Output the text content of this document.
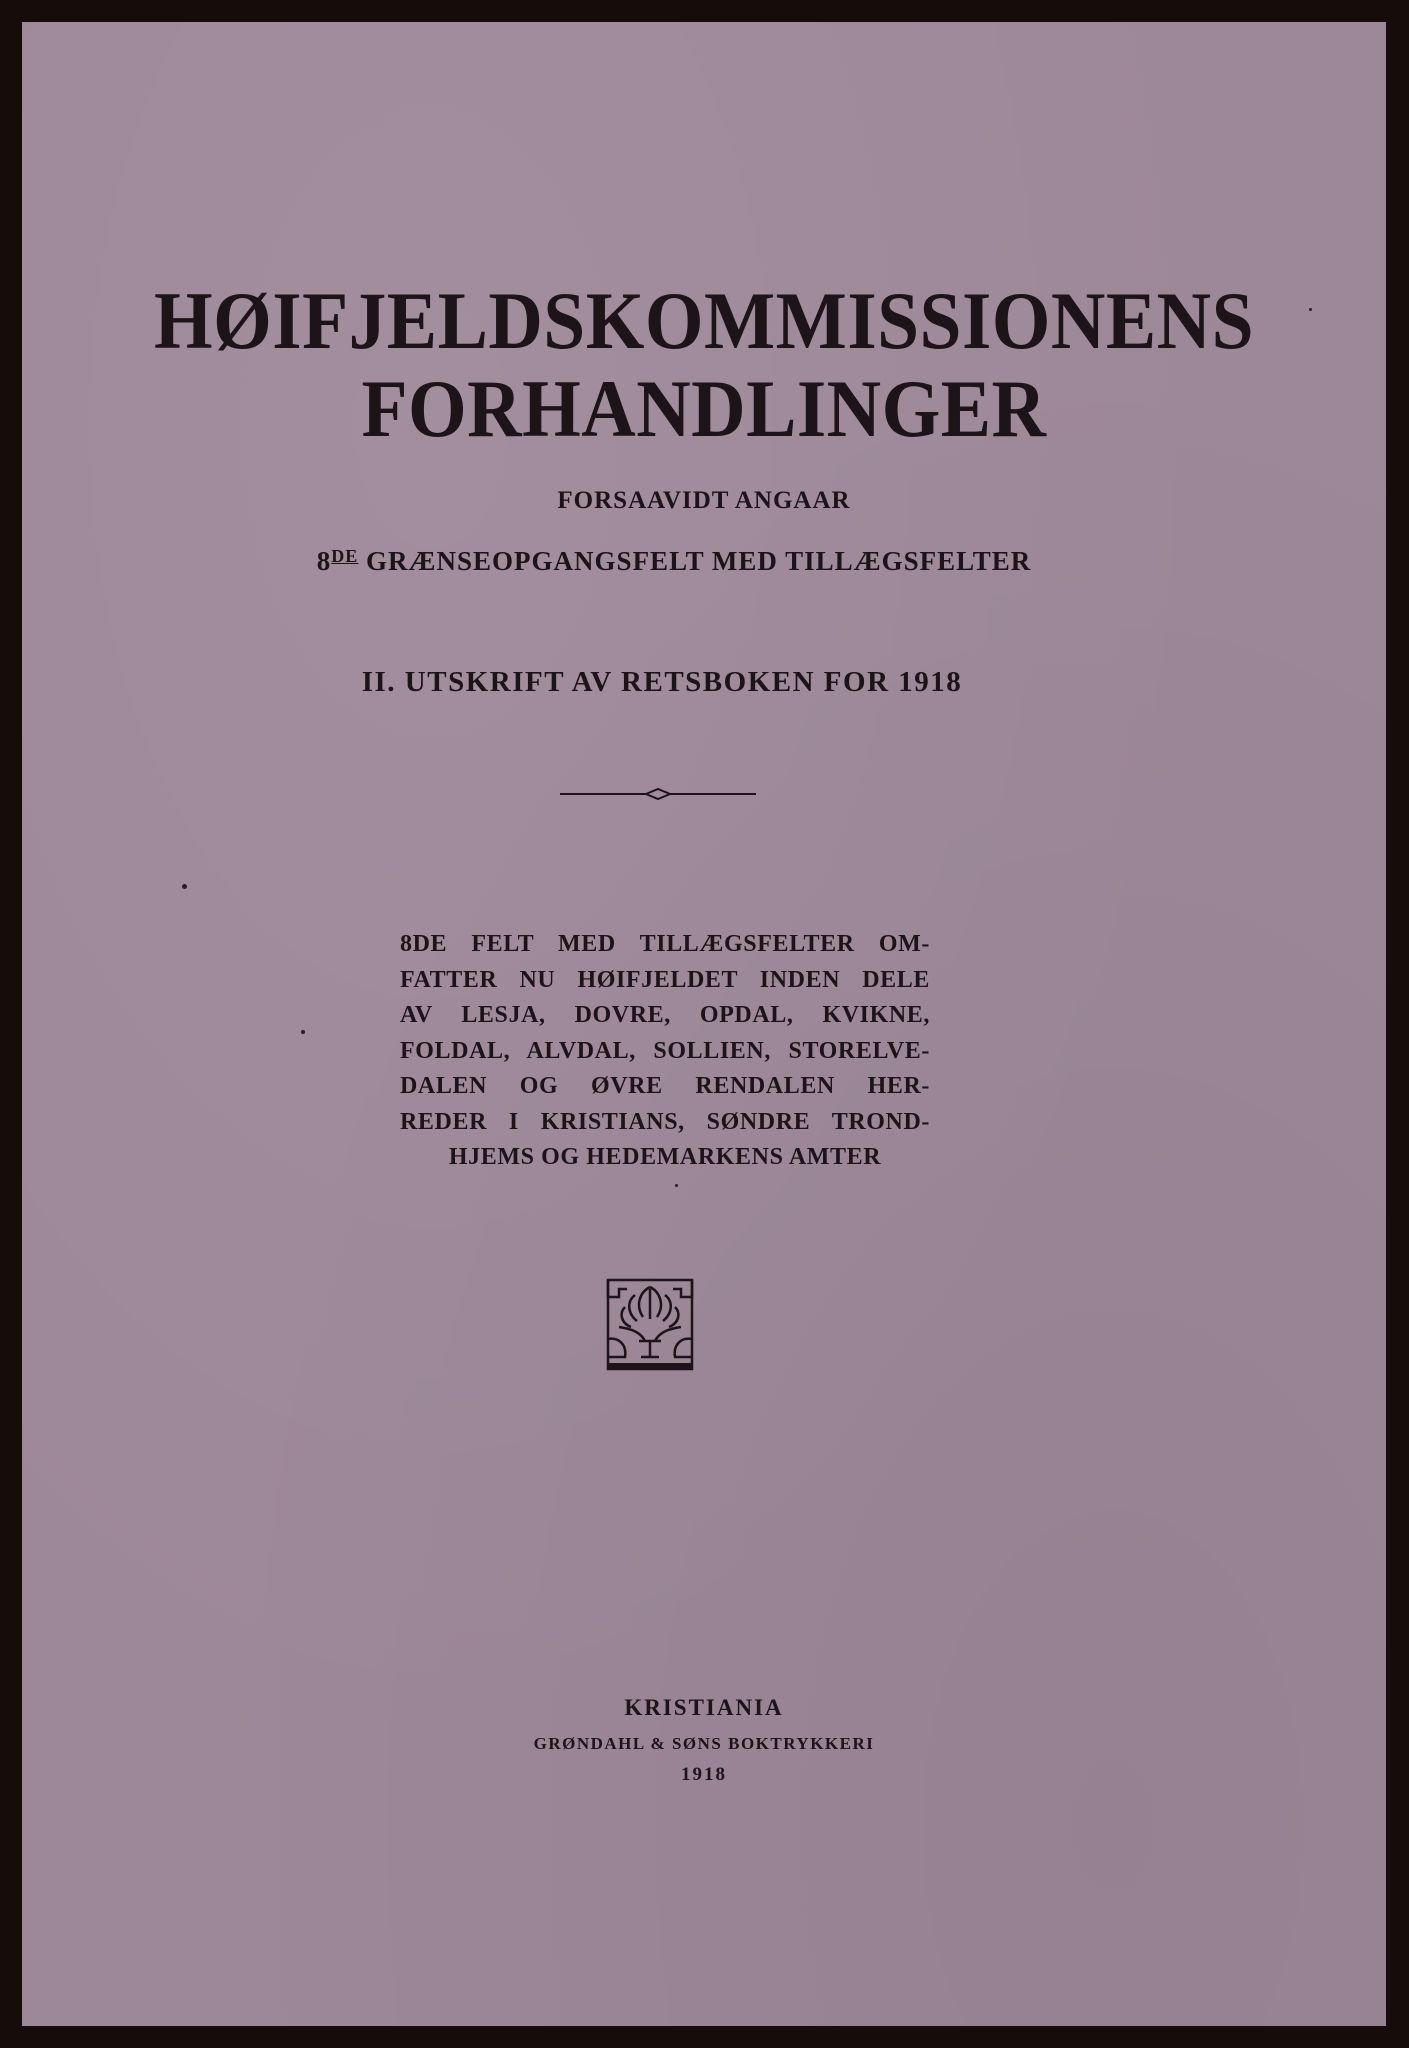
HØIFJELDSKOMMISSIONENS
FORHANDLINGER
FORSAAVIDT ANGAAR
8DE GRÆNSEOPGANGSFELT MED TILLÆGSFELTER
II. UTSKRIFT AV RETSBOKEN FOR 1918
8DE FELT MED TILLÆGSFELTER OM-
FATTER NU HØIFJELDET INDEN DELE
AV LESJA, DOVRE, OPDAL, KVIKNE,
FOLDAL, ALVDAL, SOLLIEN, STORELVE-
DALEN OG ØVRE RENDALEN HER-
REDER I KRISTIANS, SØNDRE TROND-
HJEMS OG HEDEMARKENS AMTER
KRISTIANIA
GRØNDAHL & SØNS BOKTRYKKERI
1918
